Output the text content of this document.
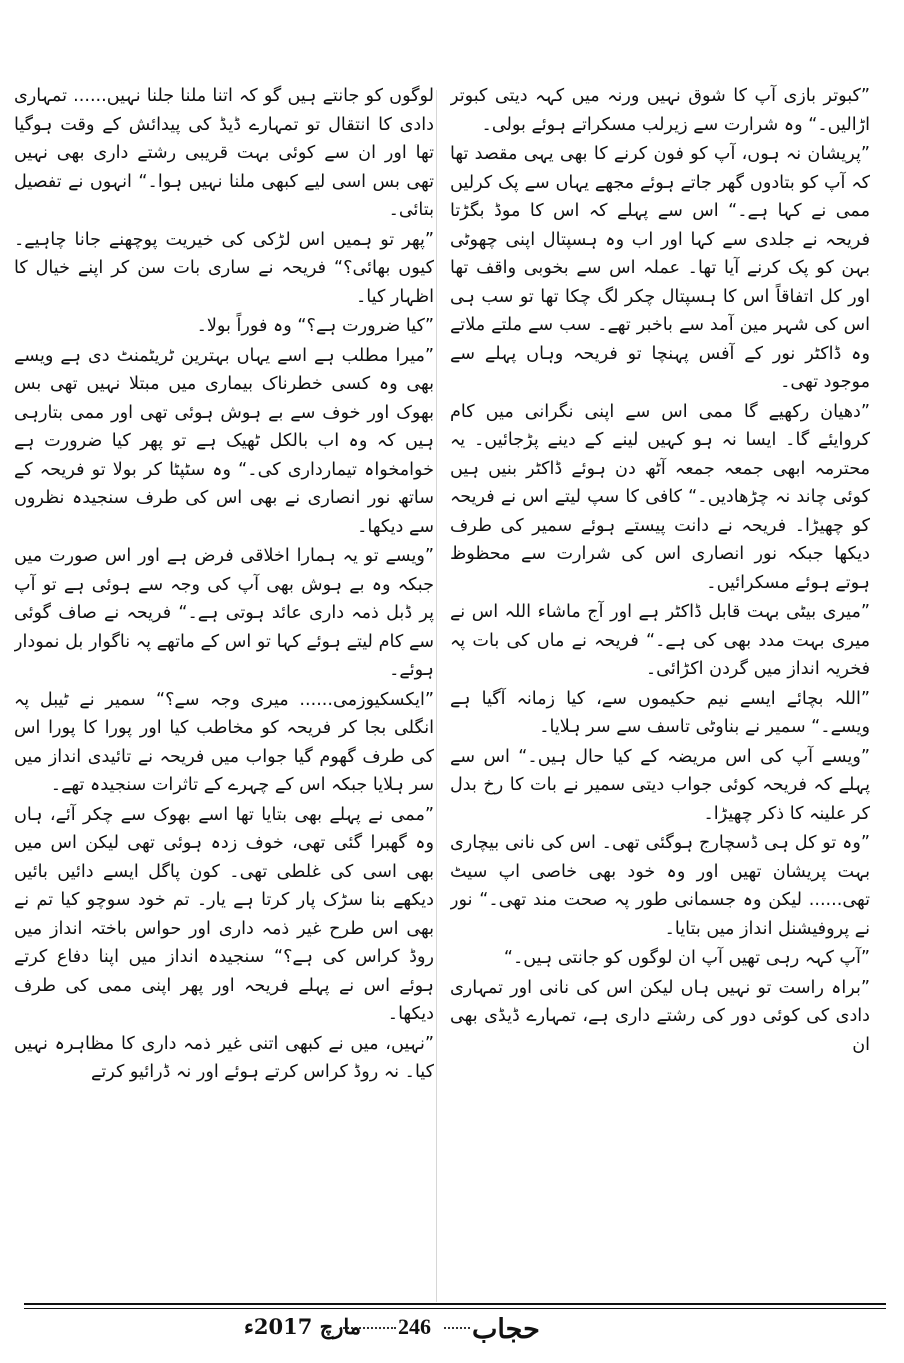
”کبوتر بازی آپ کا شوق نہیں ورنہ میں کہہ دیتی کبوتر اڑالیں۔“ وہ شرارت سے زیرلب مسکراتے ہوئے بولی۔

”پریشان نہ ہوں، آپ کو فون کرنے کا بھی یہی مقصد تھا کہ آپ کو بتادوں گھر جاتے ہوئے مجھے یہاں سے پک کرلیں ممی نے کہا ہے۔“ اس سے پہلے کہ اس کا موڈ بگڑتا فریحہ نے جلدی سے کہا اور اب وہ ہسپتال اپنی چھوٹی بہن کو پک کرنے آیا تھا۔ عملہ اس سے بخوبی واقف تھا اور کل اتفاقاً اس کا ہسپتال چکر لگ چکا تھا تو سب ہی اس کی شہر مین آمد سے باخبر تھے۔ سب سے ملتے ملاتے وہ ڈاکٹر نور کے آفس پہنچا تو فریحہ وہاں پہلے سے موجود تھی۔

”دھیان رکھیے گا ممی اس سے اپنی نگرانی میں کام کروایئے گا۔ ایسا نہ ہو کہیں لینے کے دینے پڑجائیں۔ یہ محترمہ ابھی جمعہ جمعہ آٹھ دن ہوئے ڈاکٹر بنیں ہیں کوئی چاند نہ چڑھادیں۔“ کافی کا سپ لیتے اس نے فریحہ کو چھیڑا۔ فریحہ نے دانت پیستے ہوئے سمیر کی طرف دیکھا جبکہ نور انصاری اس کی شرارت سے محظوظ ہوتے ہوئے مسکرائیں۔

”میری بیٹی بہت قابل ڈاکٹر ہے اور آج ماشاء اللہ اس نے میری بہت مدد بھی کی ہے۔“ فریحہ نے ماں کی بات پہ فخریہ انداز میں گردن اکڑائی۔

”اللہ بچائے ایسے نیم حکیموں سے، کیا زمانہ آگیا ہے ویسے۔“ سمیر نے بناوٹی تاسف سے سر ہلایا۔

”ویسے آپ کی اس مریضہ کے کیا حال ہیں۔“ اس سے پہلے کہ فریحہ کوئی جواب دیتی سمیر نے بات کا رخ بدل کر علینہ کا ذکر چھیڑا۔

”وہ تو کل ہی ڈسچارج ہوگئی تھی۔ اس کی نانی بیچاری بہت پریشان تھیں اور وہ خود بھی خاصی اپ سیٹ تھی...... لیکن وہ جسمانی طور پہ صحت مند تھی۔“ نور نے پروفیشنل انداز میں بتایا۔

”آپ کہہ رہی تھیں آپ ان لوگوں کو جانتی ہیں۔“

”براہ راست تو نہیں ہاں لیکن اس کی نانی اور تمہاری دادی کی کوئی دور کی رشتے داری ہے، تمہارے ڈیڈی بھی ان

لوگوں کو جانتے ہیں گو کہ اتنا ملنا جلنا نہیں...... تمہاری دادی کا انتقال تو تمہارے ڈیڈ کی پیدائش کے وقت ہوگیا تھا اور ان سے کوئی بہت قریبی رشتے داری بھی نہیں تھی بس اسی لیے کبھی ملنا نہیں ہوا۔“ انہوں نے تفصیل بتائی۔

”پھر تو ہمیں اس لڑکی کی خیریت پوچھنے جانا چاہیے۔ کیوں بھائی؟“ فریحہ نے ساری بات سن کر اپنے خیال کا اظہار کیا۔

”کیا ضرورت ہے؟“ وہ فوراً بولا۔

”میرا مطلب ہے اسے یہاں بہترین ٹریٹمنٹ دی ہے ویسے بھی وہ کسی خطرناک بیماری میں مبتلا نہیں تھی بس بھوک اور خوف سے بے ہوش ہوئی تھی اور ممی بتارہی ہیں کہ وہ اب بالکل ٹھیک ہے تو پھر کیا ضرورت ہے خوامخواہ تیمارداری کی۔“ وہ سٹپٹا کر بولا تو فریحہ کے ساتھ نور انصاری نے بھی اس کی طرف سنجیدہ نظروں سے دیکھا۔

”ویسے تو یہ ہمارا اخلاقی فرض ہے اور اس صورت میں جبکہ وہ بے ہوش بھی آپ کی وجہ سے ہوئی ہے تو آپ پر ڈبل ذمہ داری عائد ہوتی ہے۔“ فریحہ نے صاف گوئی سے کام لیتے ہوئے کہا تو اس کے ماتھے پہ ناگوار بل نمودار ہوئے۔

”ایکسکیوزمی...... میری وجہ سے؟“ سمیر نے ٹیبل پہ انگلی بجا کر فریحہ کو مخاطب کیا اور پورا کا پورا اس کی طرف گھوم گیا جواب میں فریحہ نے تائیدی انداز میں سر ہلایا جبکہ اس کے چہرے کے تاثرات سنجیدہ تھے۔

”ممی نے پہلے بھی بتایا تھا اسے بھوک سے چکر آئے، ہاں وہ گھبرا گئی تھی، خوف زدہ ہوئی تھی لیکن اس میں بھی اسی کی غلطی تھی۔ کون پاگل ایسے دائیں بائیں دیکھے بنا سڑک پار کرتا ہے یار۔ تم خود سوچو کیا تم نے بھی اس طرح غیر ذمہ داری اور حواس باختہ انداز میں روڈ کراس کی ہے؟“ سنجیدہ انداز میں اپنا دفاع کرتے ہوئے اس نے پہلے فریحہ اور پھر اپنی ممی کی طرف دیکھا۔

”نہیں، میں نے کبھی اتنی غیر ذمہ داری کا مظاہرہ نہیں کیا۔ نہ روڈ کراس کرتے ہوئے اور نہ ڈرائیو کرتے

حجاب
246
مارچ 2017ء
